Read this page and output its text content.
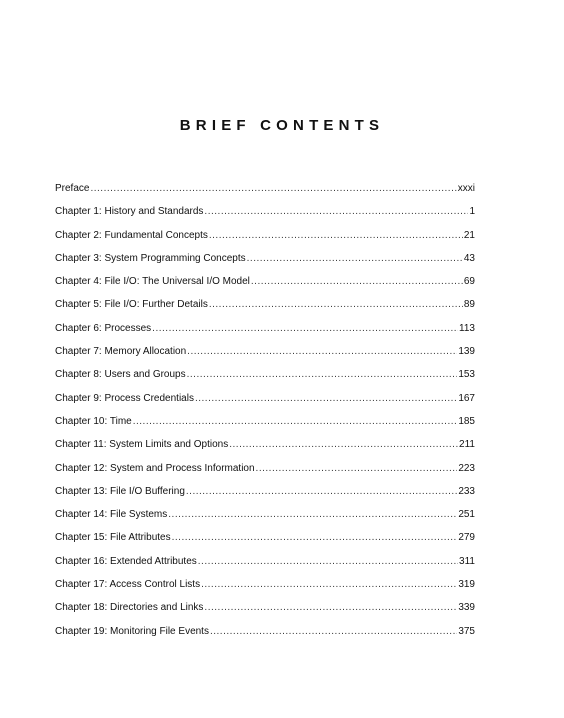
BRIEF CONTENTS
Preface .....	xxxi
Chapter 1: History and Standards .....	1
Chapter 2: Fundamental Concepts .....	21
Chapter 3: System Programming Concepts .....	43
Chapter 4: File I/O: The Universal I/O Model .....	69
Chapter 5: File I/O: Further Details .....	89
Chapter 6: Processes .....	113
Chapter 7: Memory Allocation .....	139
Chapter 8: Users and Groups .....	153
Chapter 9: Process Credentials .....	167
Chapter 10: Time .....	185
Chapter 11: System Limits and Options .....	211
Chapter 12: System and Process Information .....	223
Chapter 13: File I/O Buffering .....	233
Chapter 14: File Systems .....	251
Chapter 15: File Attributes .....	279
Chapter 16: Extended Attributes .....	311
Chapter 17: Access Control Lists .....	319
Chapter 18: Directories and Links .....	339
Chapter 19: Monitoring File Events .....	375
